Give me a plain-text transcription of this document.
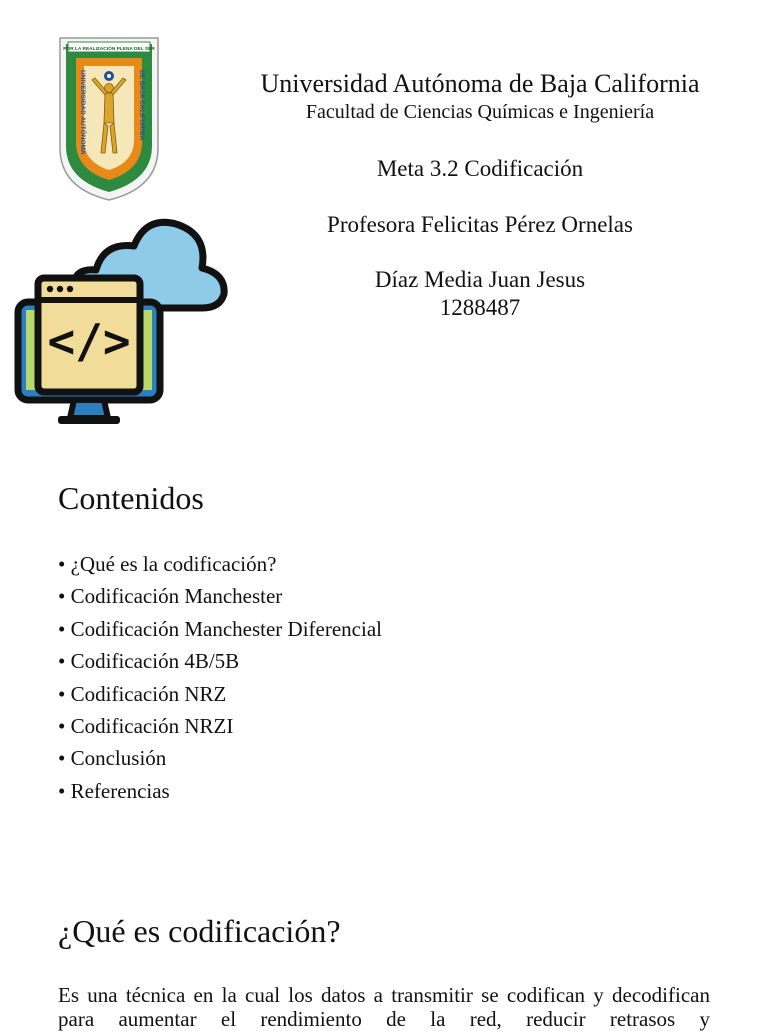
POR LA REALIZACIÓN PLENA DEL SER
UNIVERSIDAD AUTÓNOMA	DE BAJA CALIFORNIA	Universidad Autónoma de Baja California

Facultad de Ciencias Químicas e Ingeniería

Meta 3.2 Codificación

Profesora Felicitas Pérez Ornelas

Díaz Media Juan Jesus

1288487

</>
Contenidos
• ¿Qué es la codificación?
• Codificación Manchester
• Codificación Manchester Diferencial
• Codificación 4B/5B
• Codificación NRZ
• Codificación NRZI
• Conclusión
• Referencias
¿Qué es codificación?

Es una técnica en la cual los datos a transmitir se codifican y decodifican para aumentar el rendimiento de la red, reducir retrasos y
